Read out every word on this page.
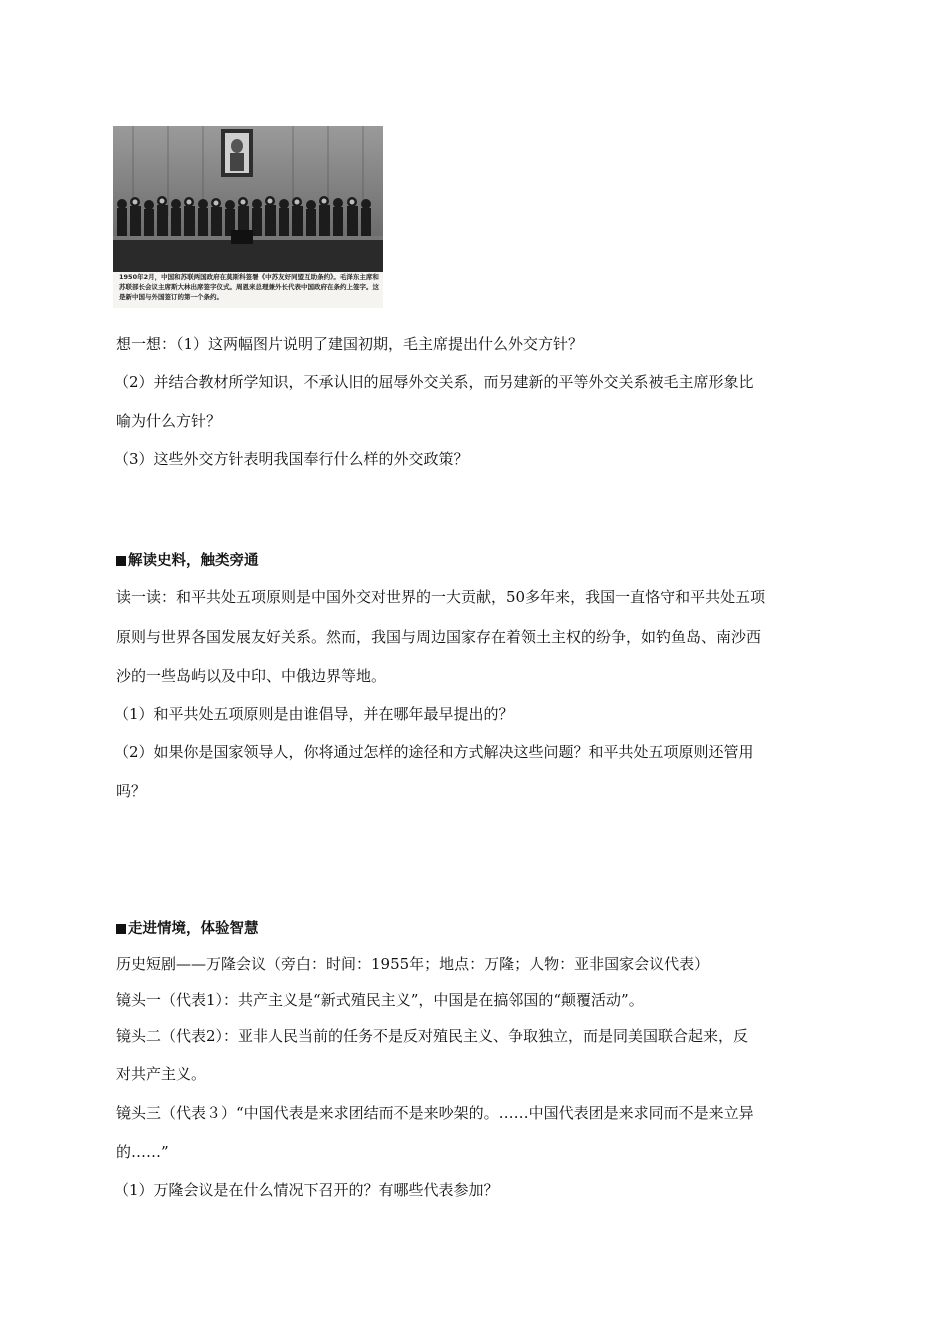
1950年2月，中国和苏联两国政府在莫斯科签署《中苏友好同盟互助条约》。毛泽东主席和苏联部长会议主席斯大林出席签字仪式。周恩来总理兼外长代表中国政府在条约上签字。这是新中国与外国签订的第一个条约。
想一想：（1）这两幅图片说明了建国初期，毛主席提出什么外交方针？
（2）并结合教材所学知识，不承认旧的屈辱外交关系，而另建新的平等外交关系被毛主席形象比
喻为什么方针？
（3）这些外交方针表明我国奉行什么样的外交政策？
解读史料，触类旁通
读一读：和平共处五项原则是中国外交对世界的一大贡献，50多年来，我国一直恪守和平共处五项
原则与世界各国发展友好关系。然而，我国与周边国家存在着领土主权的纷争，如钓鱼岛、南沙西
沙的一些岛屿以及中印、中俄边界等地。
（1）和平共处五项原则是由谁倡导，并在哪年最早提出的？
（2）如果你是国家领导人，你将通过怎样的途径和方式解决这些问题？和平共处五项原则还管用
吗？
走进情境，体验智慧
历史短剧——万隆会议（旁白：时间：1955年；地点：万隆；人物：亚非国家会议代表）
镜头一（代表1）：共产主义是“新式殖民主义”，中国是在搞邻国的“颠覆活动”。
镜头二（代表2）：亚非人民当前的任务不是反对殖民主义、争取独立，而是同美国联合起来，反
对共产主义。
镜头三（代表３）“中国代表是来求团结而不是来吵架的。……中国代表团是来求同而不是来立异
的……”
（1）万隆会议是在什么情况下召开的？有哪些代表参加？
